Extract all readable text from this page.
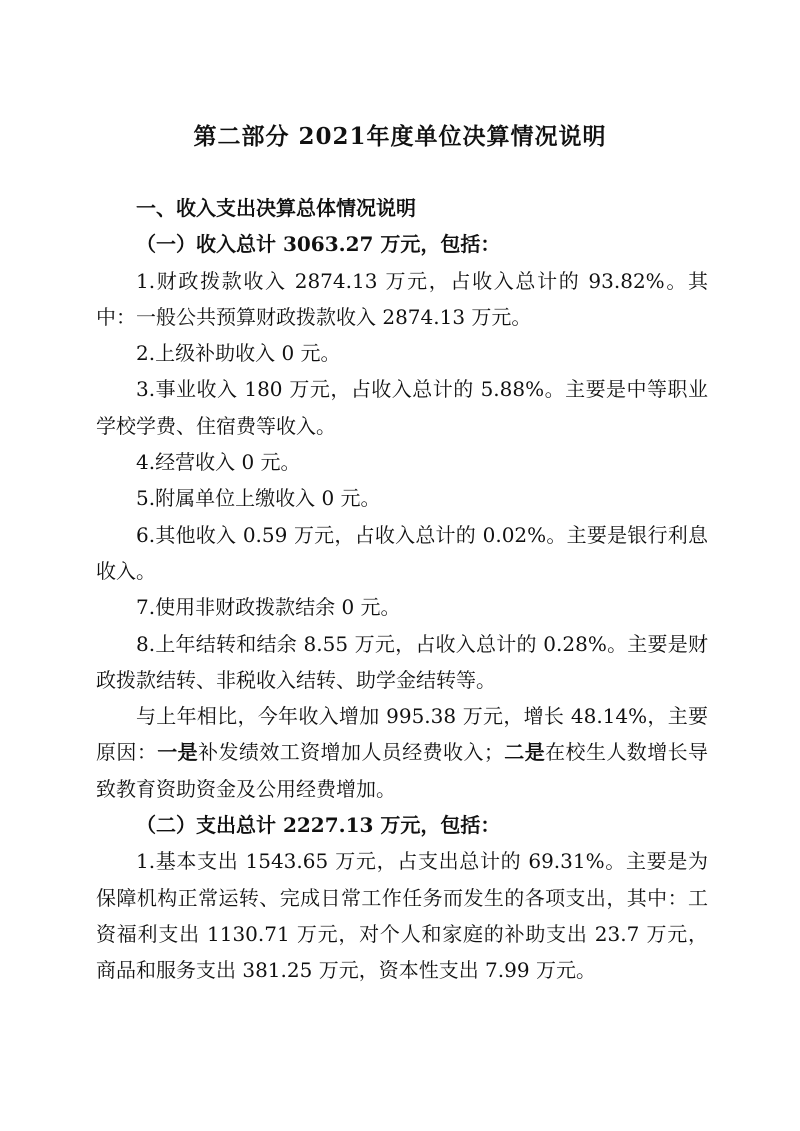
第二部分 2021年度单位决算情况说明

一、收入支出决算总体情况说明

（一）收入总计 3063.27 万元，包括：

1.财政拨款收入 2874.13 万元，占收入总计的 93.82%。其中：一般公共预算财政拨款收入 2874.13 万元。

2.上级补助收入 0 元。

3.事业收入 180 万元，占收入总计的 5.88%。主要是中等职业学校学费、住宿费等收入。

4.经营收入 0 元。

5.附属单位上缴收入 0 元。

6.其他收入 0.59 万元，占收入总计的 0.02%。主要是银行利息收入。

7.使用非财政拨款结余 0 元。

8.上年结转和结余 8.55 万元，占收入总计的 0.28%。主要是财政拨款结转、非税收入结转、助学金结转等。

与上年相比，今年收入增加 995.38 万元，增长 48.14%，主要原因：一是补发绩效工资增加人员经费收入；二是在校生人数增长导致教育资助资金及公用经费增加。

（二）支出总计 2227.13 万元，包括：

1.基本支出 1543.65 万元，占支出总计的 69.31%。主要是为保障机构正常运转、完成日常工作任务而发生的各项支出，其中：工资福利支出 1130.71 万元，对个人和家庭的补助支出 23.7 万元，商品和服务支出 381.25 万元，资本性支出 7.99 万元。
